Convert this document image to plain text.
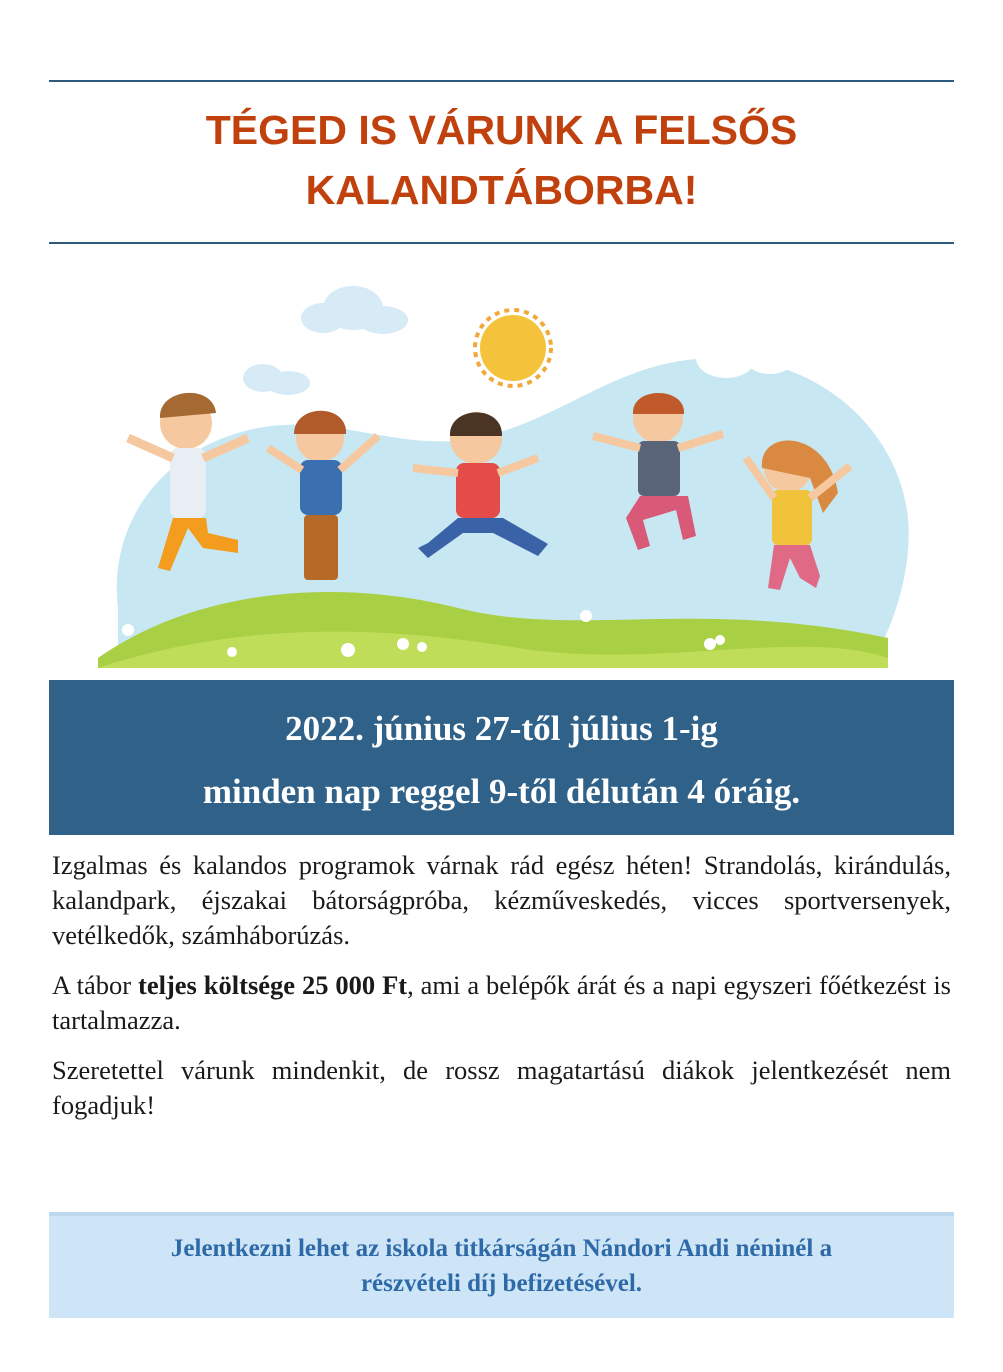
TÉGED IS VÁRUNK A FELSŐS
KALANDTÁBORBA!
2022. június 27-től július 1-ig
minden nap reggel 9-től délután 4 óráig.

Izgalmas és kalandos programok várnak rád egész héten! Strandolás, kirándulás, kalandpark, éjszakai bátorságpróba, kézműveskedés, vicces sportversenyek, vetélkedők, számháborúzás.

A tábor teljes költsége 25 000 Ft, ami a belépők árát és a napi egyszeri főétkezést is tartalmazza.

Szeretettel várunk mindenkit, de rossz magatartású diákok jelentkezését nem fogadjuk!

Jelentkezni lehet az iskola titkárságán Nándori Andi néninél a
részvételi díj befizetésével.
